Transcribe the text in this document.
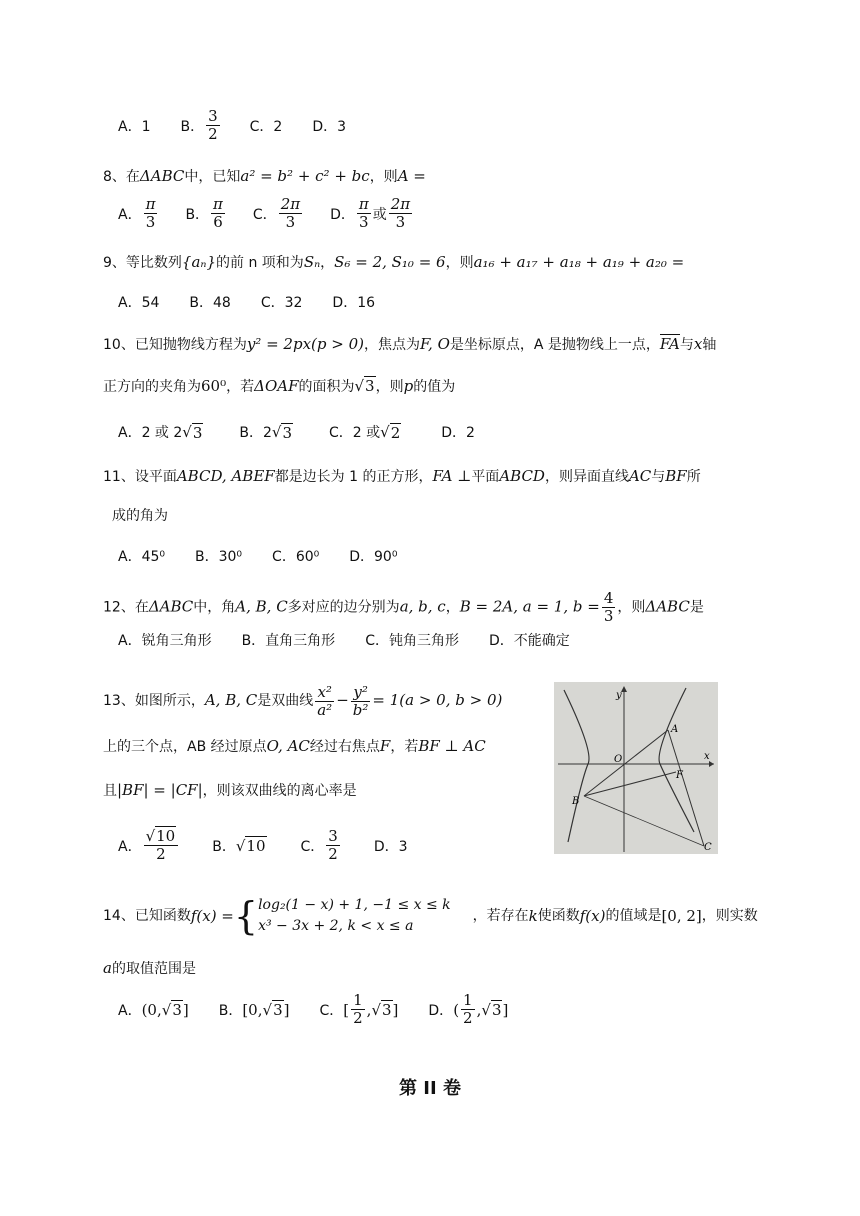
A．1 B． $\frac{3}{2}$ C．2 D．3
8、在ΔABC中，已知a² = b² + c² + bc，则A =
A． $\frac{\pi}{3}$ B． $\frac{\pi}{6}$ C． $\frac{2\pi}{3}$ D． $\frac{\pi}{3}$ 或 $\frac{2\pi}{3}$
9、等比数列{aₙ}的前 n 项和为Sₙ，S₆ = 2, S₁₀ = 6，则a₁₆ + a₁₇ + a₁₈ + a₁₉ + a₂₀ =
A．54 B．48 C．32 D．16
10、已知抛物线方程为y² = 2px(p > 0)，焦点为F, O是坐标原点，A 是抛物线上一点，FA与x轴
正方向的夹角为60⁰，若ΔOAF的面积为√3，则p的值为
A．2 或 2 √ 3	B．2 √ 3	C．2 或 √ 2	D．2
11、设平面ABCD, ABEF都是边长为 1 的正方形，FA ⊥平面ABCD，则异面直线AC与BF所
成的角为
A．45⁰ B．30⁰ C．60⁰ D．90⁰
12、在ΔABC中，角A, B, C多对应的边分别为a, b, c，B = 2A, a = 1, $b = \frac{4}{3}$ ，则ΔABC是
A．锐角三角形 B．直角三角形 C．钝角三角形 D．不能确定
13、如图所示，A, B, C是双曲线 $\frac{\text{x²}}{\text{a²}} - \frac{\text{y²}}{\text{b²}} = 1(a > 0$, b > 0)
上的三个点，AB 经过原点O, AC经过右焦点F，若BF ⊥ AC
且|BF| = |CF|，则该双曲线的离心率是
A． $\frac{√10}{2}$ B． √ 10	C． $\frac{3}{2}$ D．3
y
x
O
A
B
F
C
14、已知函数 f(x) = { log₂(1 − x) + 1, −1 ≤ x ≤ k
x³ − 3x + 2, k < x ≤ a
，若存在 k 使函数 f(x) 的值域是 [0, 2] ，则实数
a的取值范围是
A． (0, √ 3 ] B． [0, √ 3 ] C． [ $\frac{1}{2}$ , √ 3 ] D． ( $\frac{1}{2}$ , √ 3 ]
第 II 卷
